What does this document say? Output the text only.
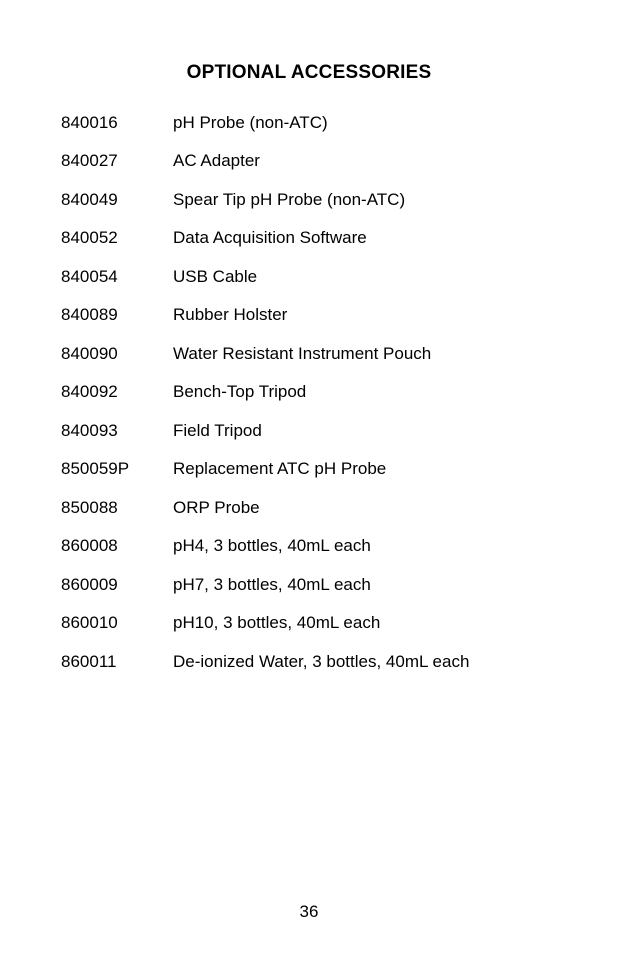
OPTIONAL ACCESSORIES
840016	pH Probe (non-ATC)
840027	AC Adapter
840049	Spear Tip pH Probe (non-ATC)
840052	Data Acquisition Software
840054	USB Cable
840089	Rubber Holster
840090	Water Resistant Instrument Pouch
840092	Bench-Top Tripod
840093	Field Tripod
850059P	Replacement ATC pH Probe
850088	ORP Probe
860008	pH4, 3 bottles, 40mL each
860009	pH7, 3 bottles, 40mL each
860010	pH10, 3 bottles, 40mL each
860011	De-ionized Water, 3 bottles, 40mL each
36
